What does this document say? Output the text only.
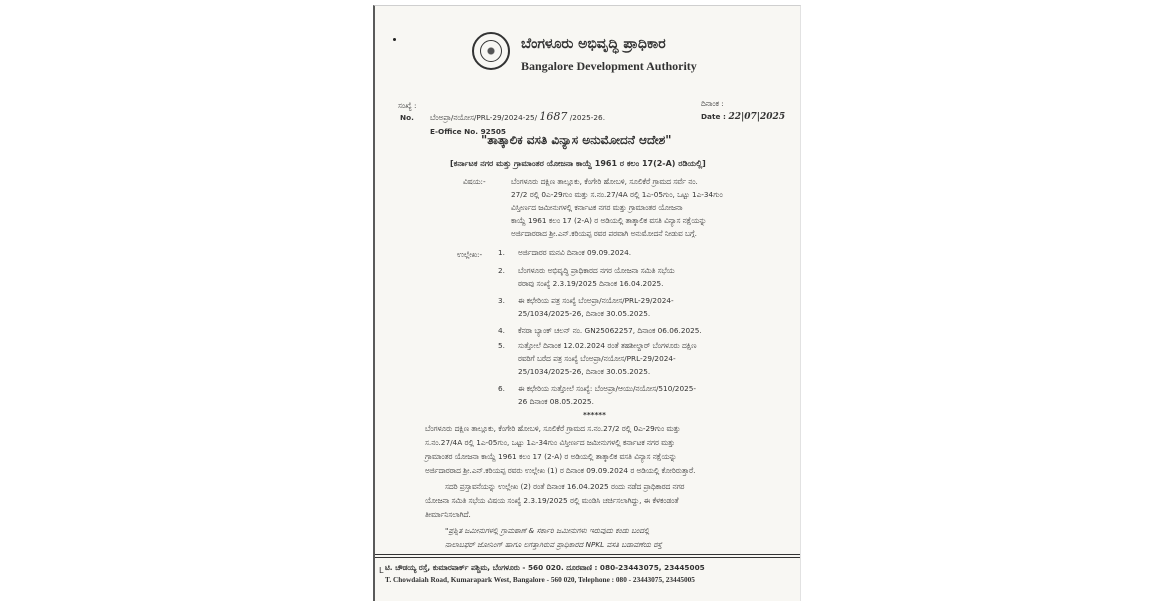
ಬೆಂಗಳೂರು ಅಭಿವೃದ್ಧಿ ಪ್ರಾಧಿಕಾರ
Bangalore Development Authority
ಸಂಖ್ಯೆ :
No. ಬೆಂಅಪ್ರಾ/ನಯೋಸ/PRL-29/2024-25/ 1687 /2025-26.
E-Office No. 92505
ದಿನಾಂಕ :
Date : 22|07|2025
"ತಾತ್ಕಾಲಿಕ ವಸತಿ ವಿನ್ಯಾಸ ಅನುಮೋದನೆ ಆದೇಶ"
[ಕರ್ನಾಟಕ ನಗರ ಮತ್ತು ಗ್ರಾಮಾಂತರ ಯೋಜನಾ ಕಾಯ್ದೆ 1961 ರ ಕಲಂ 17(2-A) ರಡಿಯಲ್ಲಿ]
ವಿಷಯ:-	ಬೆಂಗಳೂರು ದಕ್ಷಿಣ ತಾಲ್ಲೂಕು, ಕೆಂಗೇರಿ ಹೋಬಳಿ, ಸೂಲಿಕೆರೆ ಗ್ರಾಮದ ಸರ್ವೆ ನಂ.
27/2 ರಲ್ಲಿ 0ಎ-29ಗುಂ ಮತ್ತು ಸ.ನಂ.27/4A ರಲ್ಲಿ 1ಎ-05ಗುಂ, ಒಟ್ಟು 1ಎ-34ಗುಂ
ವಿಸ್ತೀರ್ಣದ ಜಮೀನುಗಳಲ್ಲಿ ಕರ್ನಾಟಕ ನಗರ ಮತ್ತು ಗ್ರಾಮಾಂತರ ಯೋಜನಾ
ಕಾಯ್ದೆ 1961 ಕಲಂ 17 (2-A) ರ ಅಡಿಯಲ್ಲಿ ತಾತ್ಕಾಲಿಕ ವಸತಿ ವಿನ್ಯಾಸ ನಕ್ಷೆಯನ್ನು
ಅರ್ಜಿದಾರರಾದ ಶ್ರೀ.ಎನ್.ಕರಿಯಪ್ಪ ರವರ ಪರವಾಗಿ ಅನುಮೋದನೆ ನೀಡುವ ಬಗ್ಗೆ.
ಉಲ್ಲೇಖ:- 1. ಅರ್ಜಿದಾರರ ಮನವಿ ದಿನಾಂಕ 09.09.2024.
2. ಬೆಂಗಳೂರು ಅಭಿವೃದ್ಧಿ ಪ್ರಾಧಿಕಾರದ ನಗರ ಯೋಜನಾ ಸಮಿತಿ ಸಭೆಯ
ಠರಾವು ಸಂಖ್ಯೆ 2.3.19/2025 ದಿನಾಂಕ 16.04.2025.
3. ಈ ಕಛೇರಿಯ ಪತ್ರ ಸಂಖ್ಯೆ ಬೆಂಅಪ್ರಾ/ನಯೋಸ/PRL-29/2024-
25/1034/2025-26, ದಿನಾಂಕ 30.05.2025.
4. ಕೆನರಾ ಬ್ಯಾಂಕ್ ಚಲನ್ ನಂ. GN25062257, ದಿನಾಂಕ 06.06.2025.
5. ಸುತ್ತೋಲೆ ದಿನಾಂಕ 12.02.2024 ರಂತೆ ತಹಶೀಲ್ದಾರ್ ಬೆಂಗಳೂರು ದಕ್ಷಿಣ
ರವರಿಗೆ ಬರೆದ ಪತ್ರ ಸಂಖ್ಯೆ ಬೆಂಅಪ್ರಾ/ನಯೋಸ/PRL-29/2024-
25/1034/2025-26, ದಿನಾಂಕ 30.05.2025.
6. ಈ ಕಛೇರಿಯ ಸುತ್ತೋಲೆ ಸಂಖ್ಯೆ: ಬೆಂಅಪ್ರಾ/ಆಯು/ನಯೋಸ/510/2025-
26 ದಿನಾಂಕ 08.05.2025.
******
ಬೆಂಗಳೂರು ದಕ್ಷಿಣ ತಾಲ್ಲೂಕು, ಕೆಂಗೇರಿ ಹೋಬಳಿ, ಸೂಲಿಕೆರೆ ಗ್ರಾಮದ ಸ.ನಂ.27/2 ರಲ್ಲಿ 0ಎ-29ಗುಂ ಮತ್ತು
ಸ.ನಂ.27/4A ರಲ್ಲಿ 1ಎ-05ಗುಂ, ಒಟ್ಟು 1ಎ-34ಗುಂ ವಿಸ್ತೀರ್ಣದ ಜಮೀನುಗಳಲ್ಲಿ ಕರ್ನಾಟಕ ನಗರ ಮತ್ತು
ಗ್ರಾಮಾಂತರ ಯೋಜನಾ ಕಾಯ್ದೆ 1961 ಕಲಂ 17 (2-A) ರ ಅಡಿಯಲ್ಲಿ ತಾತ್ಕಾಲಿಕ ವಸತಿ ವಿನ್ಯಾಸ ನಕ್ಷೆಯನ್ನು
ಅರ್ಜಿದಾರರಾದ ಶ್ರೀ.ಎನ್.ಕರಿಯಪ್ಪ ರವರು ಉಲ್ಲೇಖ (1) ರ ದಿನಾಂಕ 09.09.2024 ರ ಅಡಿಯಲ್ಲಿ ಕೋರಿರುತ್ತಾರೆ.
ಸದರಿ ಪ್ರಸ್ತಾವನೆಯನ್ನು ಉಲ್ಲೇಖ (2) ರಂತೆ ದಿನಾಂಕ 16.04.2025 ರಂದು ನಡೆದ ಪ್ರಾಧಿಕಾರದ ನಗರ
ಯೋಜನಾ ಸಮಿತಿ ಸಭೆಯ ವಿಷಯ ಸಂಖ್ಯೆ 2.3.19/2025 ರಲ್ಲಿ ಮಂಡಿಸಿ ಚರ್ಚಿಸಲಾಗಿದ್ದು, ಈ ಕೆಳಕಂಡಂತೆ
ತೀರ್ಮಾನಿಸಲಾಗಿದೆ.
"ಪ್ರಶ್ನಿತ ಜಮೀನುಗಳಲ್ಲಿ ಗ್ರಾಮಠಾಣೆ & ಸರ್ಕಾರಿ ಜಮೀನುಗಳು ಇರುವುದು ಕಂಡು ಬಂದಲ್ಲಿ
ನಾಲಾಬಫರ್ ಜೋನಿಂಗ್ ಹಾಗೂ ಲಗತ್ತಾಗಿರುವ ಪ್ರಾಧಿಕಾರದ NPKL ವಸತಿ ಬಡಾವಣೆಯ ರಸ್ತೆ
L ಟಿ. ಚೌಡಯ್ಯ ರಸ್ತೆ, ಕುಮಾರಪಾರ್ಕ್ ಪಶ್ಚಿಮ, ಬೆಂಗಳೂರು - 560 020. ದೂರವಾಣಿ : 080-23443075, 23445005
T. Chowdaiah Road, Kumarapark West, Bangalore - 560 020, Telephone : 080 - 23443075, 23445005
